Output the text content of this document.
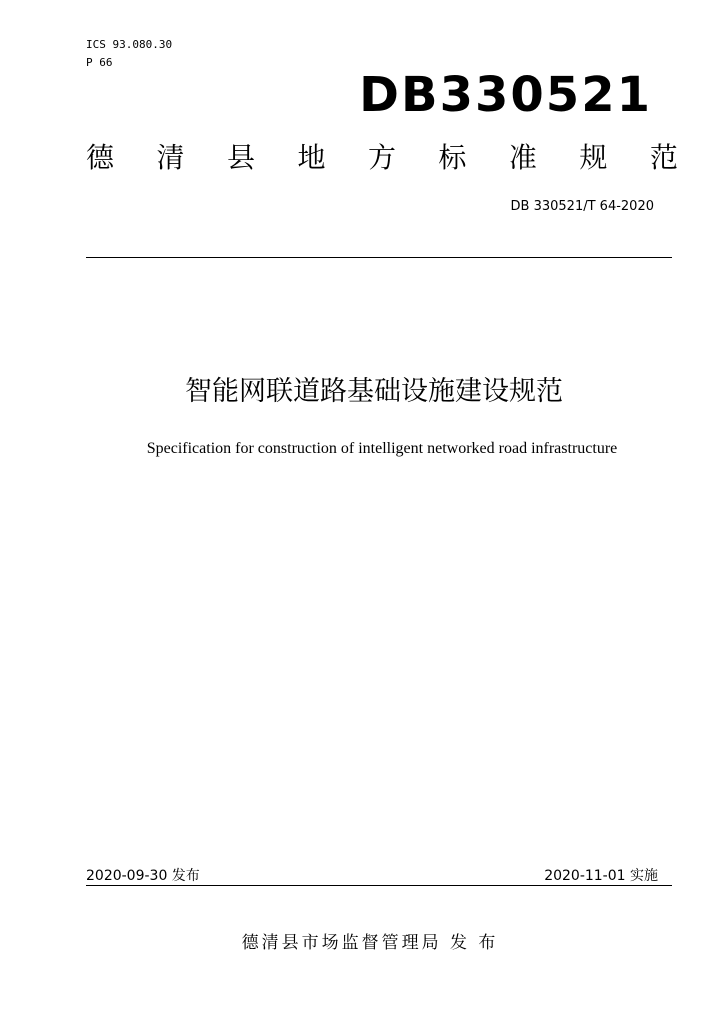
ICS 93.080.30
P 66
DB330521
德 清 县 地 方 标 准 规 范
DB 330521/T 64-2020
智能网联道路基础设施建设规范
Specification for construction of intelligent networked road infrastructure
2020-09-30 发布	2020-11-01 实施
德清县市场监督管理局 发 布
